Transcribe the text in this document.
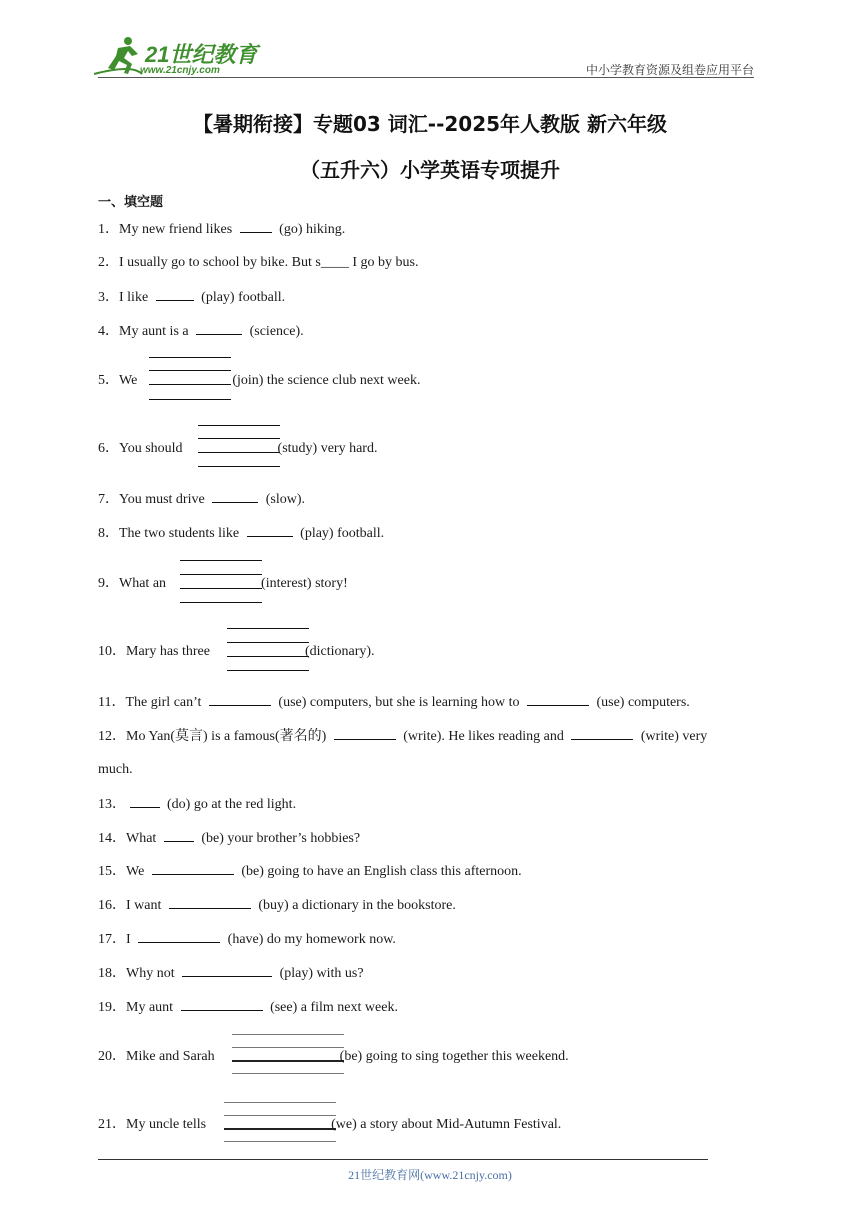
21世纪教育
www.21cnjy.com	中小学教育资源及组卷应用平台
【暑期衔接】专题03 词汇--2025年人教版 新六年级
（五升六）小学英语专项提升
一、填空题
1．My new friend likes	(go) hiking.
2．I usually go to school by bike. But s____ I go by bus.
3．I like	(play) football.
4．My aunt is a	(science).
5．We	(join) the science club next week.
6．You should	(study) very hard.
7．You must drive	(slow).
8．The two students like	(play) football.
9．What an	(interest) story!
10．Mary has three	(dictionary).
11．The girl can’t	(use) computers, but she is learning how to	(use) computers.
12．Mo Yan(莫言) is a famous(著名的)	(write). He likes reading and	(write) very
much.
13．	(do) go at the red light.
14．What	(be) your brother’s hobbies?
15．We	(be) going to have an English class this afternoon.
16．I want	(buy) a dictionary in the bookstore.
17．I	(have) do my homework now.
18．Why not	(play) with us?
19．My aunt	(see) a film next week.
20．Mike and Sarah	(be) going to sing together this weekend.
21．My uncle tells	(we) a story about Mid-Autumn Festival.
21世纪教育网(www.21cnjy.com)
